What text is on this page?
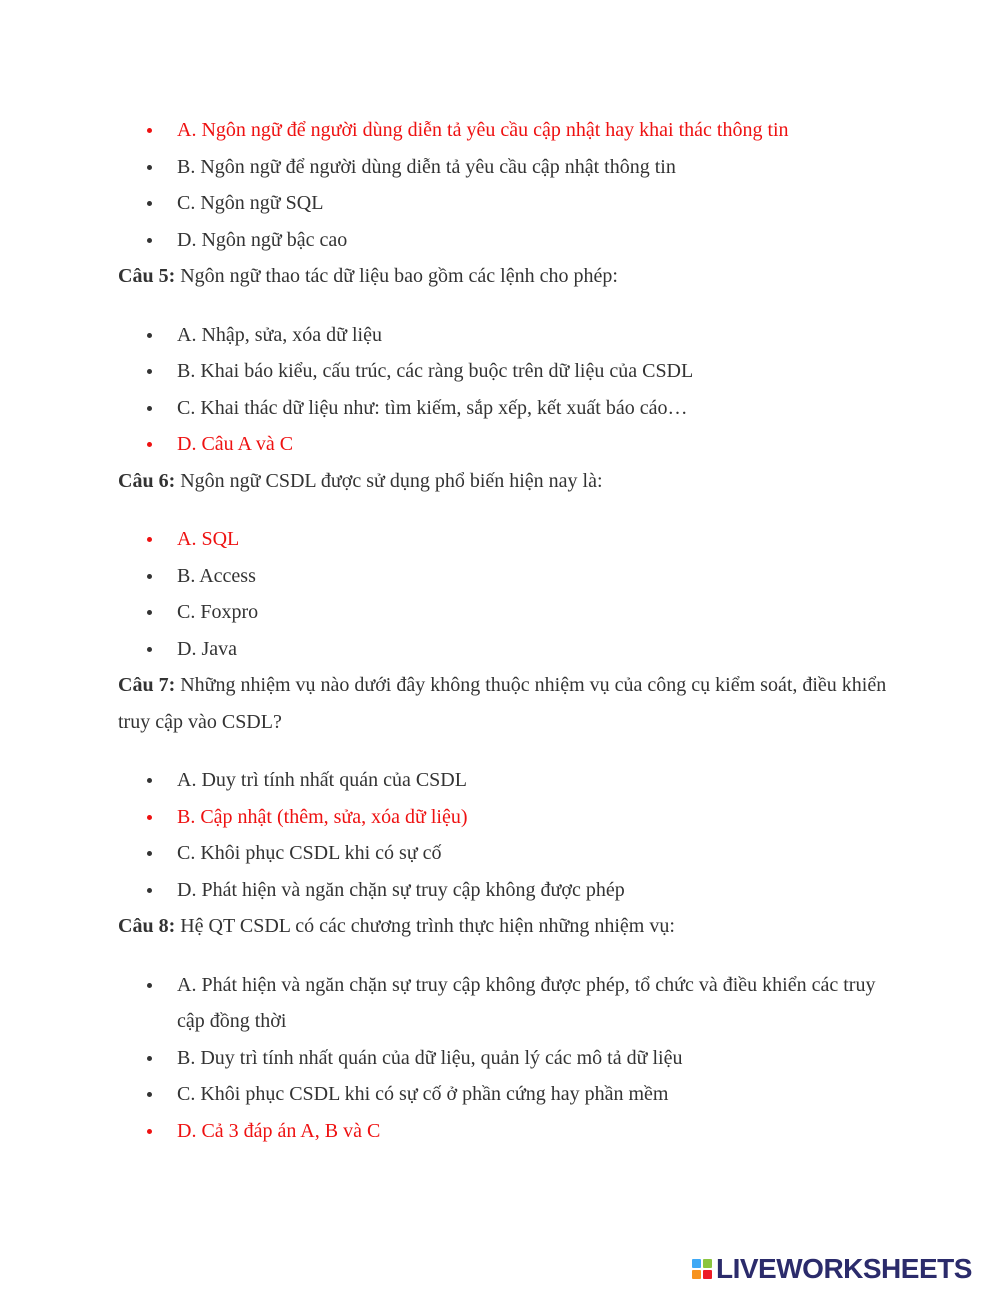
A. Ngôn ngữ để người dùng diễn tả yêu cầu cập nhật hay khai thác thông tin
B. Ngôn ngữ để người dùng diễn tả yêu cầu cập nhật thông tin
C. Ngôn ngữ SQL
D. Ngôn ngữ bậc cao

Câu 5: Ngôn ngữ thao tác dữ liệu bao gồm các lệnh cho phép:

A. Nhập, sửa, xóa dữ liệu
B. Khai báo kiểu, cấu trúc, các ràng buộc trên dữ liệu của CSDL
C. Khai thác dữ liệu như: tìm kiếm, sắp xếp, kết xuất báo cáo…
D. Câu A và C

Câu 6: Ngôn ngữ CSDL được sử dụng phổ biến hiện nay là:

A. SQL
B. Access
C. Foxpro
D. Java

Câu 7: Những nhiệm vụ nào dưới đây không thuộc nhiệm vụ của công cụ kiểm soát, điều khiển truy cập vào CSDL?

A. Duy trì tính nhất quán của CSDL
B. Cập nhật (thêm, sửa, xóa dữ liệu)
C. Khôi phục CSDL khi có sự cố
D. Phát hiện và ngăn chặn sự truy cập không được phép

Câu 8: Hệ QT CSDL có các chương trình thực hiện những nhiệm vụ:

A. Phát hiện và ngăn chặn sự truy cập không được phép, tổ chức và điều khiển các truy cập đồng thời
B. Duy trì tính nhất quán của dữ liệu, quản lý các mô tả dữ liệu
C. Khôi phục CSDL khi có sự cố ở phần cứng hay phần mềm
D. Cả 3 đáp án A, B và C
LIVEWORKSHEETS
